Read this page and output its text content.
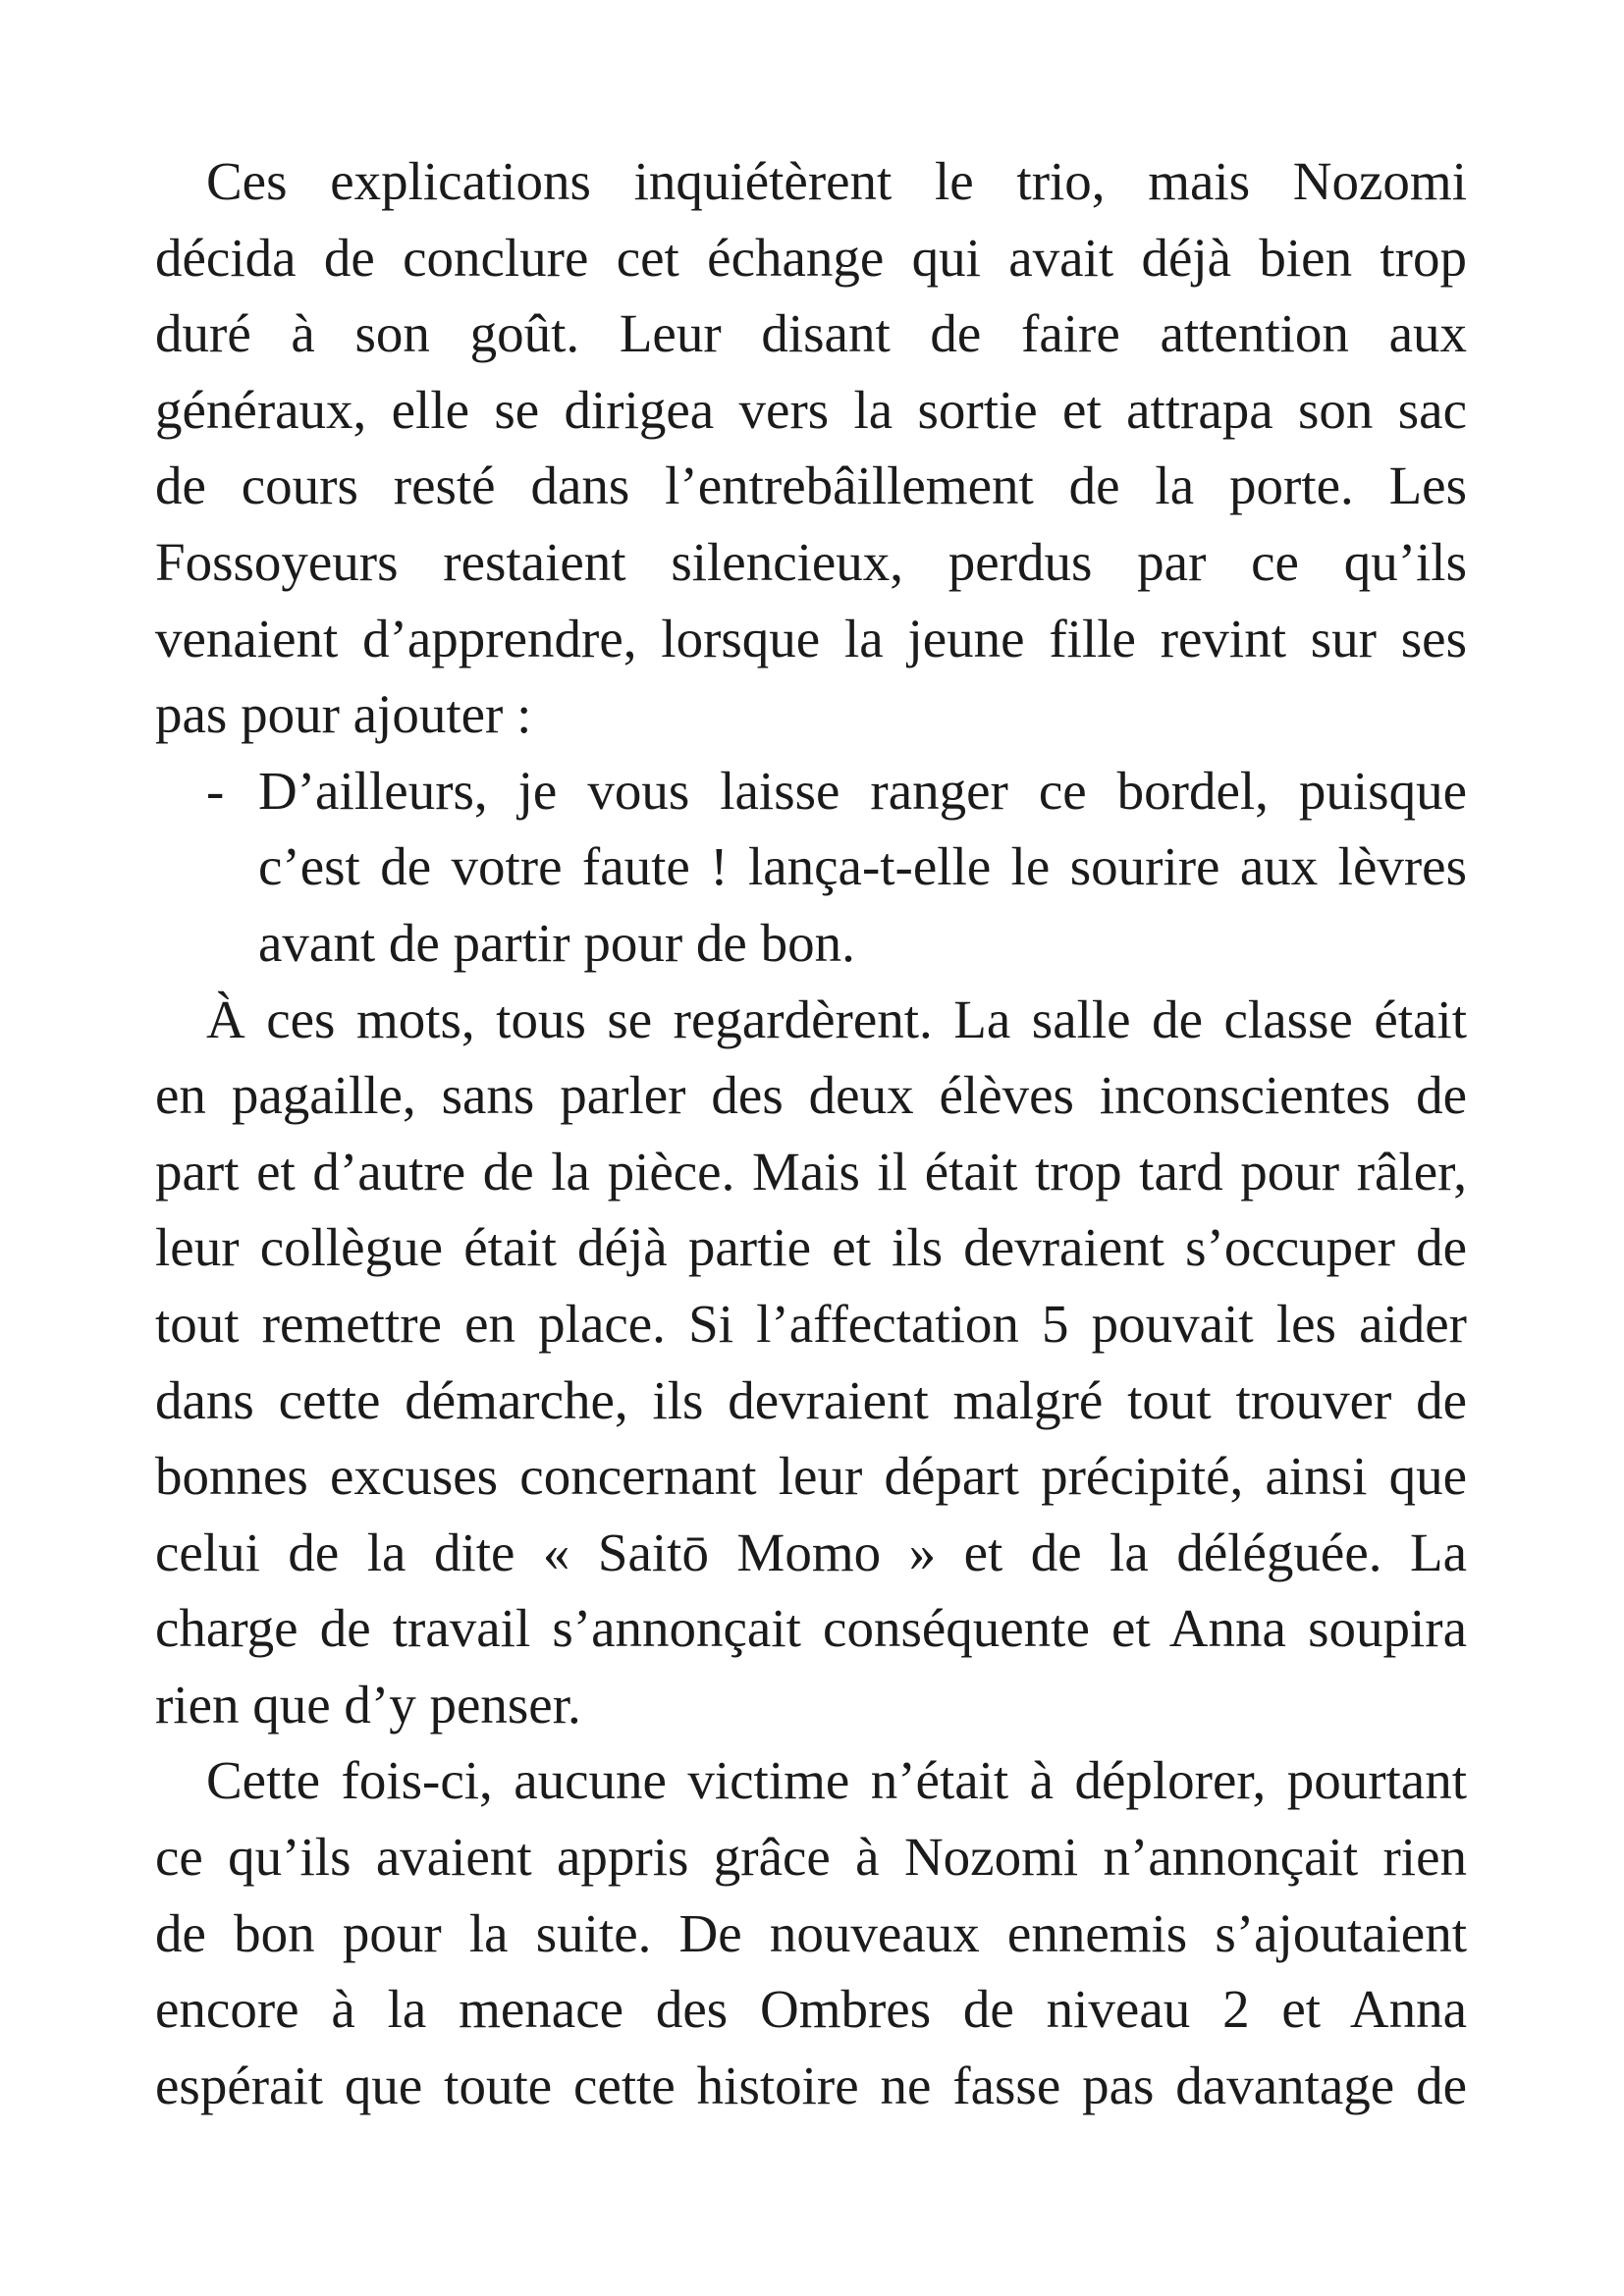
Ces explications inquiétèrent le trio, mais Nozomi
décida de conclure cet échange qui avait déjà bien trop
duré à son goût. Leur disant de faire attention aux
généraux, elle se dirigea vers la sortie et attrapa son sac
de cours resté dans l’entrebâillement de la porte. Les
Fossoyeurs restaient silencieux, perdus par ce qu’ils
venaient d’apprendre, lorsque la jeune fille revint sur ses
pas pour ajouter :
- D’ailleurs, je vous laisse ranger ce bordel, puisque
c’est de votre faute ! lança-t-elle le sourire aux lèvres
avant de partir pour de bon.
À ces mots, tous se regardèrent. La salle de classe était
en pagaille, sans parler des deux élèves inconscientes de
part et d’autre de la pièce. Mais il était trop tard pour râler,
leur collègue était déjà partie et ils devraient s’occuper de
tout remettre en place. Si l’affectation 5 pouvait les aider
dans cette démarche, ils devraient malgré tout trouver de
bonnes excuses concernant leur départ précipité, ainsi que
celui de la dite « Saitō Momo » et de la déléguée. La
charge de travail s’annonçait conséquente et Anna soupira
rien que d’y penser.
Cette fois-ci, aucune victime n’était à déplorer, pourtant
ce qu’ils avaient appris grâce à Nozomi n’annonçait rien
de bon pour la suite. De nouveaux ennemis s’ajoutaient
encore à la menace des Ombres de niveau 2 et Anna
espérait que toute cette histoire ne fasse pas davantage de
